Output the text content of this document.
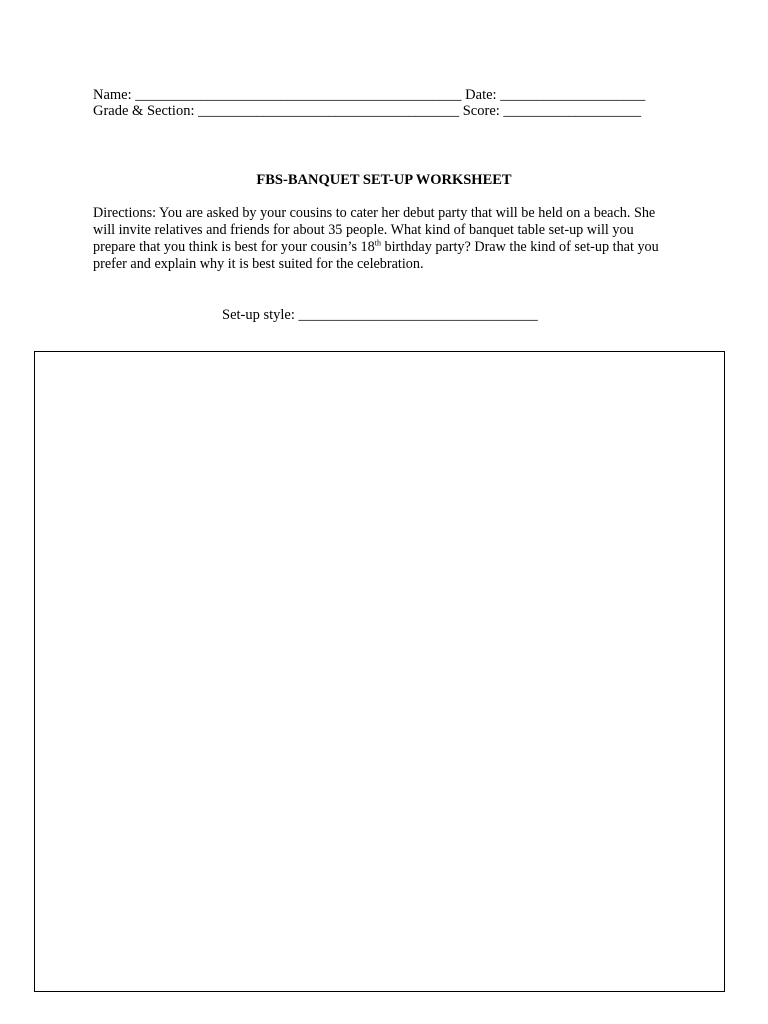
Name: _____________________________________________ Date: ____________________
Grade & Section: ____________________________________ Score: ___________________
FBS-BANQUET SET-UP WORKSHEET
Directions: You are asked by your cousins to cater her debut party that will be held on a beach. She
will invite relatives and friends for about 35 people. What kind of banquet table set-up will you
prepare that you think is best for your cousin’s 18th birthday party? Draw the kind of set-up that you
prefer and explain why it is best suited for the celebration.
Set-up style: _________________________________
